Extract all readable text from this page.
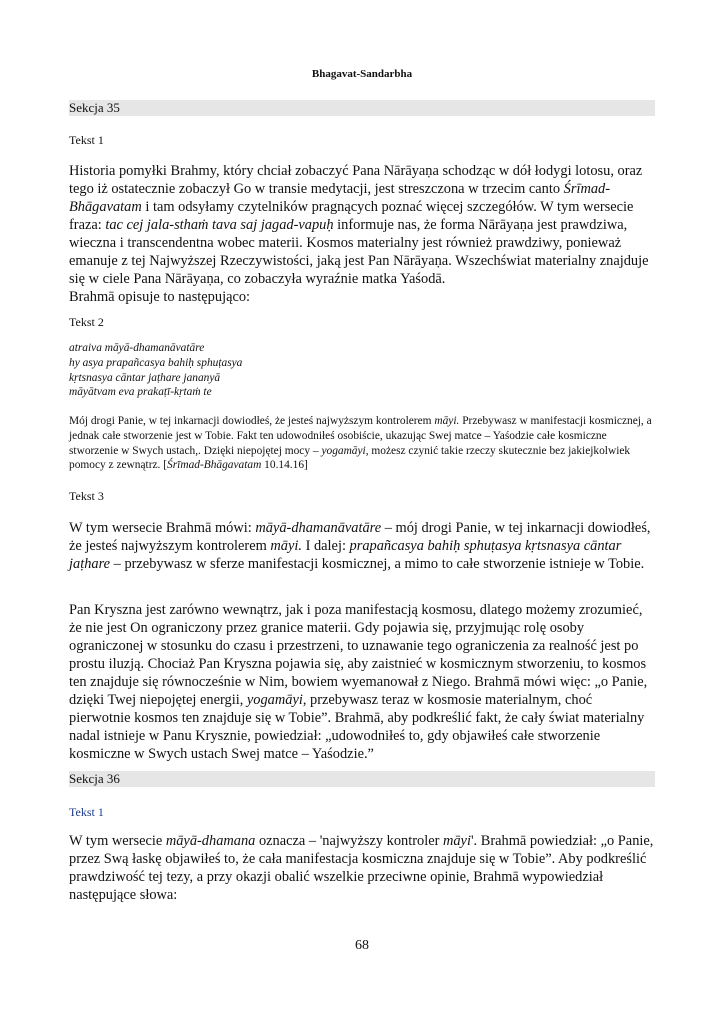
Bhagavat-Sandarbha
Sekcja 35
Tekst 1

Historia pomyłki Brahmy, który chciał zobaczyć Pana Nārāyaṇa schodząc w dół łodygi lotosu, oraz tego iż ostatecznie zobaczył Go w transie medytacji, jest streszczona w trzecim canto Śrīmad-Bhāgavatam i tam odsyłamy czytelników pragnących poznać więcej szczegółów. W tym wersecie fraza: tac cej jala-sthaṁ tava saj jagad-vapuḥ informuje nas, że forma Nārāyaṇa jest prawdziwa, wieczna i transcendentna wobec materii. Kosmos materialny jest również prawdziwy, ponieważ emanuje z tej Najwyższej Rzeczywistości, jaką jest Pan Nārāyaṇa. Wszechświat materialny znajduje się w ciele Pana Nārāyaṇa, co zobaczyła wyraźnie matka Yaśodā.
Brahmā opisuje to następująco:

Tekst 2

atraiva māyā-dhamanāvatāre
hy asya prapañcasya bahiḥ sphuṭasya
kṛtsnasya cāntar jaṭhare jananyā
māyātvam eva prakaṭī-kṛtaṁ te

Mój drogi Panie, w tej inkarnacji dowiodłeś, że jesteś najwyższym kontrolerem māyi. Przebywasz w manifestacji kosmicznej, a jednak całe stworzenie jest w Tobie. Fakt ten udowodniłeś osobiście, ukazując Swej matce – Yaśodzie całe kosmiczne stworzenie w Swych ustach,. Dzięki niepojętej mocy – yogamāyi, możesz czynić takie rzeczy skutecznie bez jakiejkolwiek pomocy z zewnątrz. [Śrīmad-Bhāgavatam 10.14.16]

Tekst 3

W tym wersecie Brahmā mówi: māyā-dhamanāvatāre – mój drogi Panie, w tej inkarnacji dowiodłeś, że jesteś najwyższym kontrolerem māyi. I dalej: prapañcasya bahiḥ sphuṭasya kṛtsnasya cāntar jaṭhare – przebywasz w sferze manifestacji kosmicznej, a mimo to całe stworzenie istnieje w Tobie.

Pan Kryszna jest zarówno wewnątrz, jak i poza manifestacją kosmosu, dlatego możemy zrozumieć, że nie jest On ograniczony przez granice materii. Gdy pojawia się, przyjmując rolę osoby ograniczonej w stosunku do czasu i przestrzeni, to uznawanie tego ograniczenia za realność jest po prostu iluzją. Chociaż Pan Kryszna pojawia się, aby zaistnieć w kosmicznym stworzeniu, to kosmos ten znajduje się równocześnie w Nim, bowiem wyemanował z Niego. Brahmā mówi więc: „o Panie, dzięki Twej niepojętej energii, yogamāyi, przebywasz teraz w kosmosie materialnym, choć pierwotnie kosmos ten znajduje się w Tobie”. Brahmā, aby podkreślić fakt, że cały świat materialny nadal istnieje w Panu Krysznie, powiedział: „udowodniłeś to, gdy objawiłeś całe stworzenie kosmiczne w Swych ustach Swej matce – Yaśodzie.”

Sekcja 36
Tekst 1

W tym wersecie māyā-dhamana oznacza – 'najwyższy kontroler māyi'. Brahmā powiedział: „o Panie, przez Swą łaskę objawiłeś to, że cała manifestacja kosmiczna znajduje się w Tobie”. Aby podkreślić prawdziwość tej tezy, a przy okazji obalić wszelkie przeciwne opinie, Brahmā wypowiedział następujące słowa:

68
